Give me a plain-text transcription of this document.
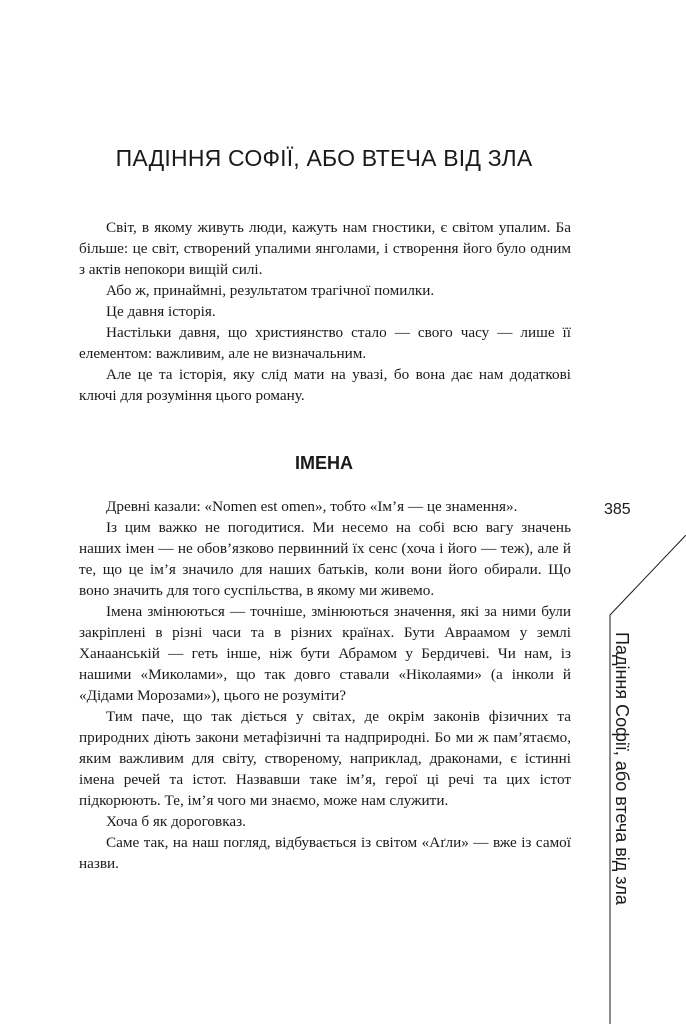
ПАДІННЯ СОФІЇ, АБО ВТЕЧА ВІД ЗЛА

Світ, в якому живуть люди, кажуть нам гностики, є світом упалим. Ба більше: це світ, створений упалими янголами, і створення його було одним з актів непокори вищій силі.

Або ж, принаймні, результатом трагічної помилки.

Це давня історія.

Настільки давня, що християнство стало — свого часу — лише її елементом: важливим, але не визначальним.

Але це та історія, яку слід мати на увазі, бо вона дає нам додаткові ключі для розуміння цього роману.

ІМЕНА

Древні казали: «Nomen est omen», тобто «Ім’я — це знамення».

Із цим важко не погодитися. Ми несемо на собі всю вагу значень наших імен — не обов’язково первинний їх сенс (хоча і його — теж), але й те, що це ім’я значило для наших батьків, коли вони його обирали. Що воно значить для того суспільства, в якому ми живемо.

Імена змінюються — точніше, змінюються значення, які за ними були закріплені в різні часи та в різних країнах. Бути Авраамом у землі Ханаанській — геть інше, ніж бути Абрамом у Бердичеві. Чи нам, із нашими «Миколами», що так довго ставали «Ніколаями» (а інколи й «Дідами Морозами»), цього не розуміти?

Тим паче, що так діється у світах, де окрім законів фізичних та природних діють закони метафізичні та надприродні. Бо ми ж пам’ятаємо, яким важливим для світу, створеному, наприклад, драконами, є істинні імена речей та істот. Назвавши таке ім’я, герої ці речі та цих істот підкорюють. Те, ім’я чого ми знаємо, може нам служити.

Хоча б як дороговказ.

Саме так, на наш погляд, відбувається із світом «Аґли» — вже із самої назви.

385
Падіння Софії, або втеча від зла
